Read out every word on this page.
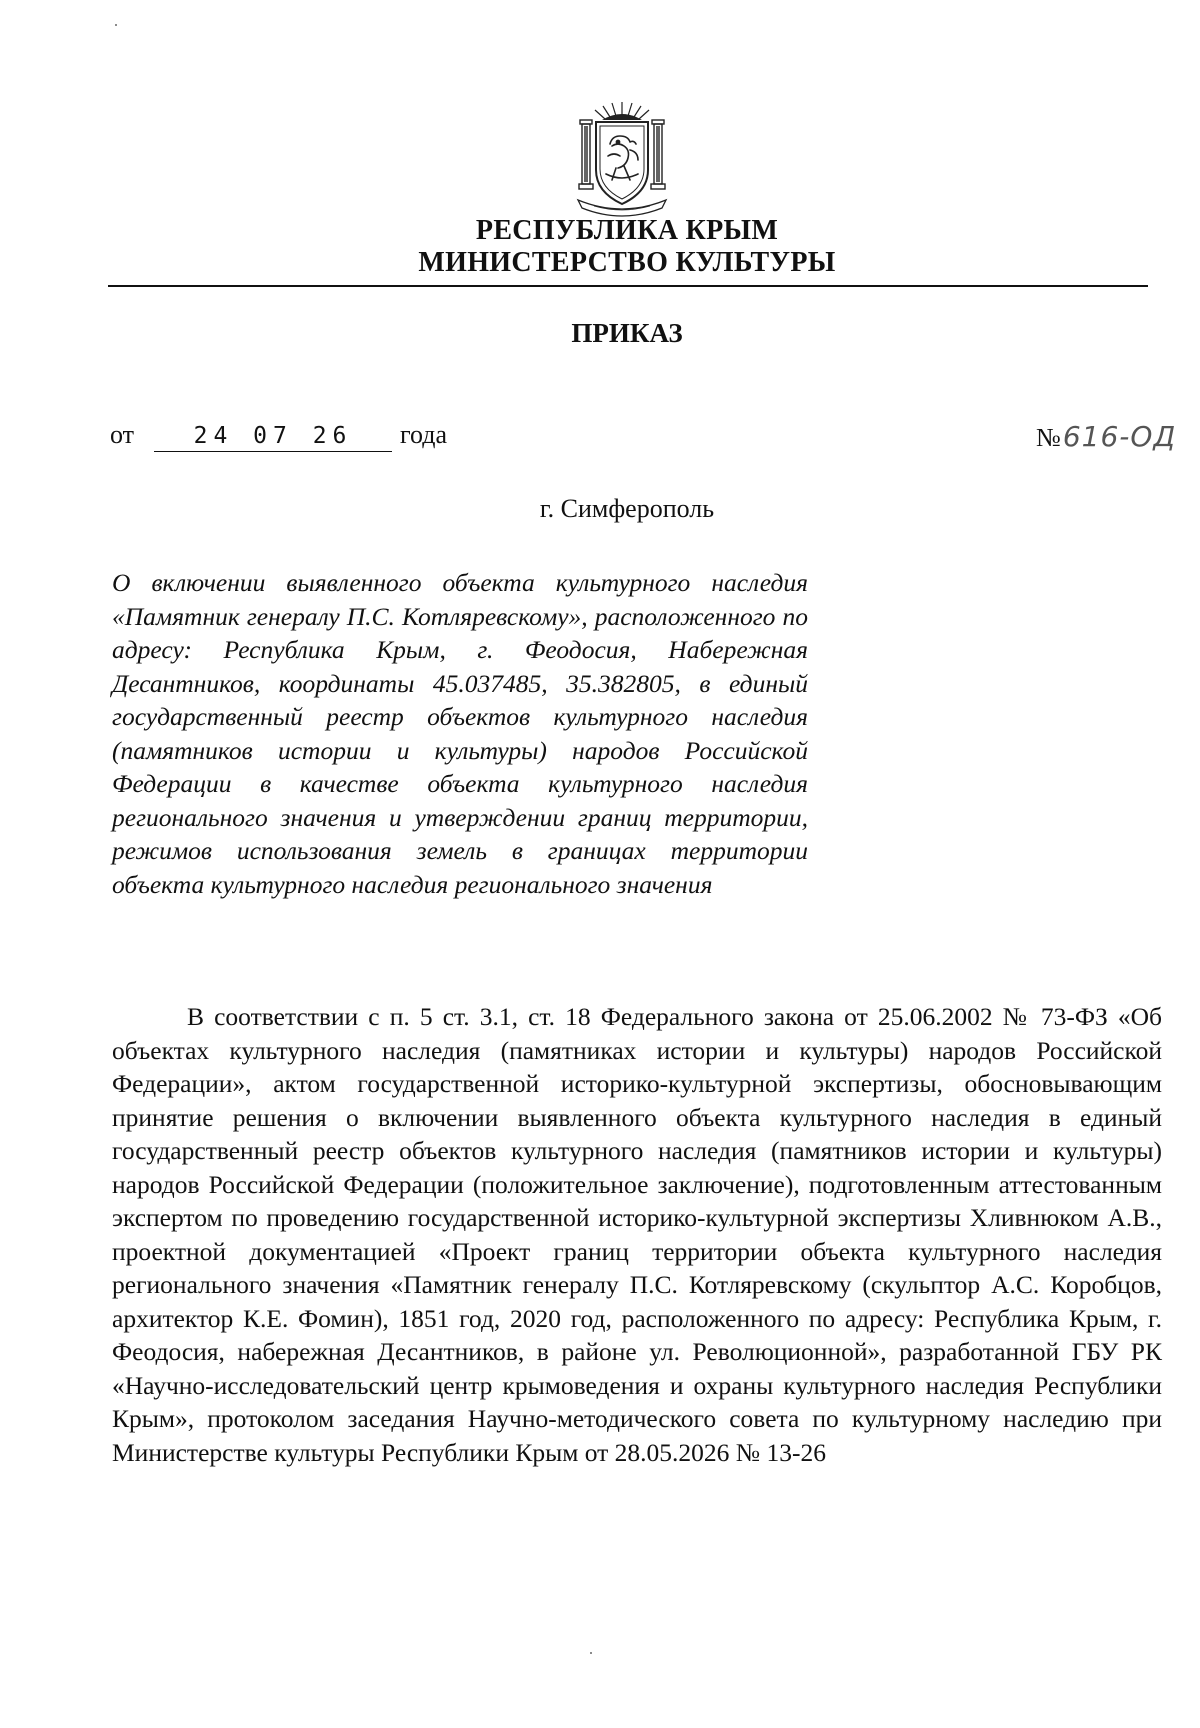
РЕСПУБЛИКА КРЫМ
МИНИСТЕРСТВО КУЛЬТУРЫ
ПРИКАЗ
от	24 07 26 года	№616-ОД
г. Симферополь
О включении выявленного объекта культурного наследия «Памятник генералу П.С. Котляревскому», расположенного по адресу: Республика Крым, г. Феодосия, Набережная Десантников, координаты 45.037485, 35.382805, в единый государственный реестр объектов культурного наследия (памятников истории и культуры) народов Российской Федерации в качестве объекта культурного наследия регионального значения и утверждении границ территории, режимов использования земель в границах территории объекта культурного наследия регионального значения
В соответствии с п. 5 ст. 3.1, ст. 18 Федерального закона от 25.06.2002 № 73-ФЗ «Об объектах культурного наследия (памятниках истории и культуры) народов Российской Федерации», актом государственной историко-культурной экспертизы, обосновывающим принятие решения о включении выявленного объекта культурного наследия в единый государственный реестр объектов культурного наследия (памятников истории и культуры) народов Российской Федерации (положительное заключение), подготовленным аттестованным экспертом по проведению государственной историко-культурной экспертизы Хливнюком А.В., проектной документацией «Проект границ территории объекта культурного наследия регионального значения «Памятник генералу П.С. Котляревскому (скульптор А.С. Коробцов, архитектор К.Е. Фомин), 1851 год, 2020 год, расположенного по адресу: Республика Крым, г. Феодосия, набережная Десантников, в районе ул. Революционной», разработанной ГБУ РК «Научно-исследовательский центр крымоведения и охраны культурного наследия Республики Крым», протоколом заседания Научно-методического совета по культурному наследию при Министерстве культуры Республики Крым от 28.05.2026 № 13-26
